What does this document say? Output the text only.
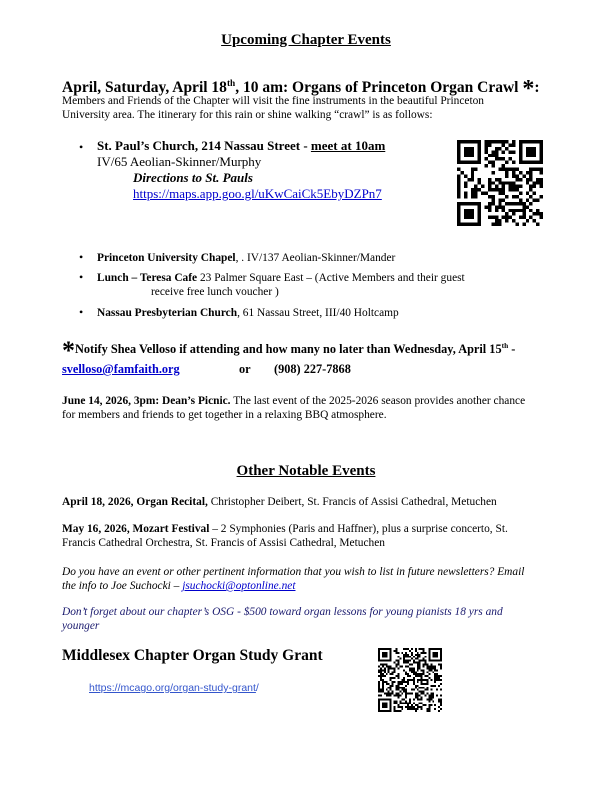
Upcoming Chapter Events
April, Saturday, April 18th, 10 am: Organs of Princeton Organ Crawl *:
Members and Friends of the Chapter will visit the fine instruments in the beautiful Princeton
University area. The itinerary for this rain or shine walking “crawl” is as follows:
• St. Paul’s Church, 214 Nassau Street - meet at 10am
IV/65 Aeolian-Skinner/Murphy
Directions to St. Pauls
https://maps.app.goo.gl/uKwCaiCk5EbyDZPn7
• Princeton University Chapel, . IV/137 Aeolian-Skinner/Mander
• Lunch – Teresa Cafe 23 Palmer Square East – (Active Members and their guest
receive free lunch voucher )
• Nassau Presbyterian Church, 61 Nassau Street, III/40 Holtcamp
*Notify Shea Velloso if attending and how many no later than Wednesday, April 15th -
svelloso@famfaith.org	or (908) 227-7868
June 14, 2026, 3pm: Dean’s Picnic. The last event of the 2025-2026 season provides another chance
for members and friends to get together in a relaxing BBQ atmosphere.
Other Notable Events
April 18, 2026, Organ Recital, Christopher Deibert, St. Francis of Assisi Cathedral, Metuchen
May 16, 2026, Mozart Festival – 2 Symphonies (Paris and Haffner), plus a surprise concerto, St.
Francis Cathedral Orchestra, St. Francis of Assisi Cathedral, Metuchen
Do you have an event or other pertinent information that you wish to list in future newsletters? Email
the info to Joe Suchocki – jsuchocki@optonline.net
Don’t forget about our chapter’s OSG - $500 toward organ lessons for young pianists 18 yrs and
younger
Middlesex Chapter Organ Study Grant
https://mcago.org/organ-study-grant/
